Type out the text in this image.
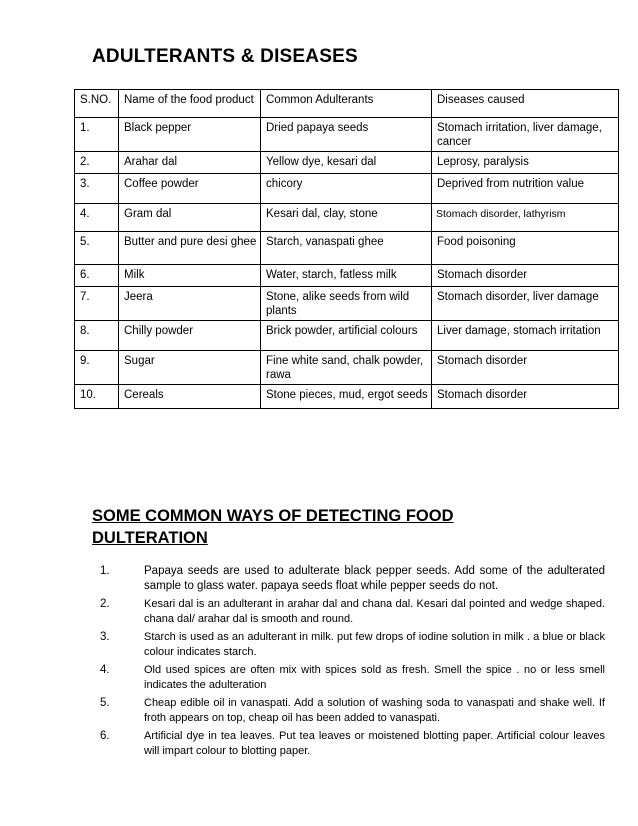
ADULTERANTS & DISEASES
S.NO.	Name of the food product	Common Adulterants	Diseases caused
1.	Black pepper	Dried papaya seeds	Stomach irritation, liver damage, cancer
2.	Arahar dal	Yellow dye, kesari dal	Leprosy, paralysis
3.	Coffee powder	chicory	Deprived from nutrition value
4.	Gram dal	Kesari dal, clay, stone	Stomach disorder, lathyrism
5.	Butter and pure desi ghee	Starch, vanaspati ghee	Food poisoning
6.	Milk	Water, starch, fatless milk	Stomach disorder
7.	Jeera	Stone, alike seeds from wild plants	Stomach disorder, liver damage
8.	Chilly powder	Brick powder, artificial colours	Liver damage, stomach irritation
9.	Sugar	Fine white sand, chalk powder, rawa	Stomach disorder
10.	Cereals	Stone pieces, mud, ergot seeds	Stomach disorder
SOME COMMON WAYS OF DETECTING FOOD DULTERATION
1.	Papaya seeds are used to adulterate black pepper seeds. Add some of the adulterated sample to glass water. papaya seeds float while pepper seeds do not.
2.	Kesari dal is an adulterant in arahar dal and chana dal. Kesari dal pointed and wedge shaped. chana dal/ arahar dal is smooth and round.
3.	Starch is used as an adulterant in milk. put few drops of iodine solution in milk . a blue or black colour indicates starch.
4.	Old used spices are often mix with spices sold as fresh. Smell the spice . no or less smell indicates the adulteration
5.	Cheap edible oil in vanaspati. Add a solution of washing soda to vanaspati and shake well. If froth appears on top, cheap oil has been added to vanaspati.
6.	Artificial dye in tea leaves. Put tea leaves or moistened blotting paper. Artificial colour leaves will impart colour to blotting paper.
